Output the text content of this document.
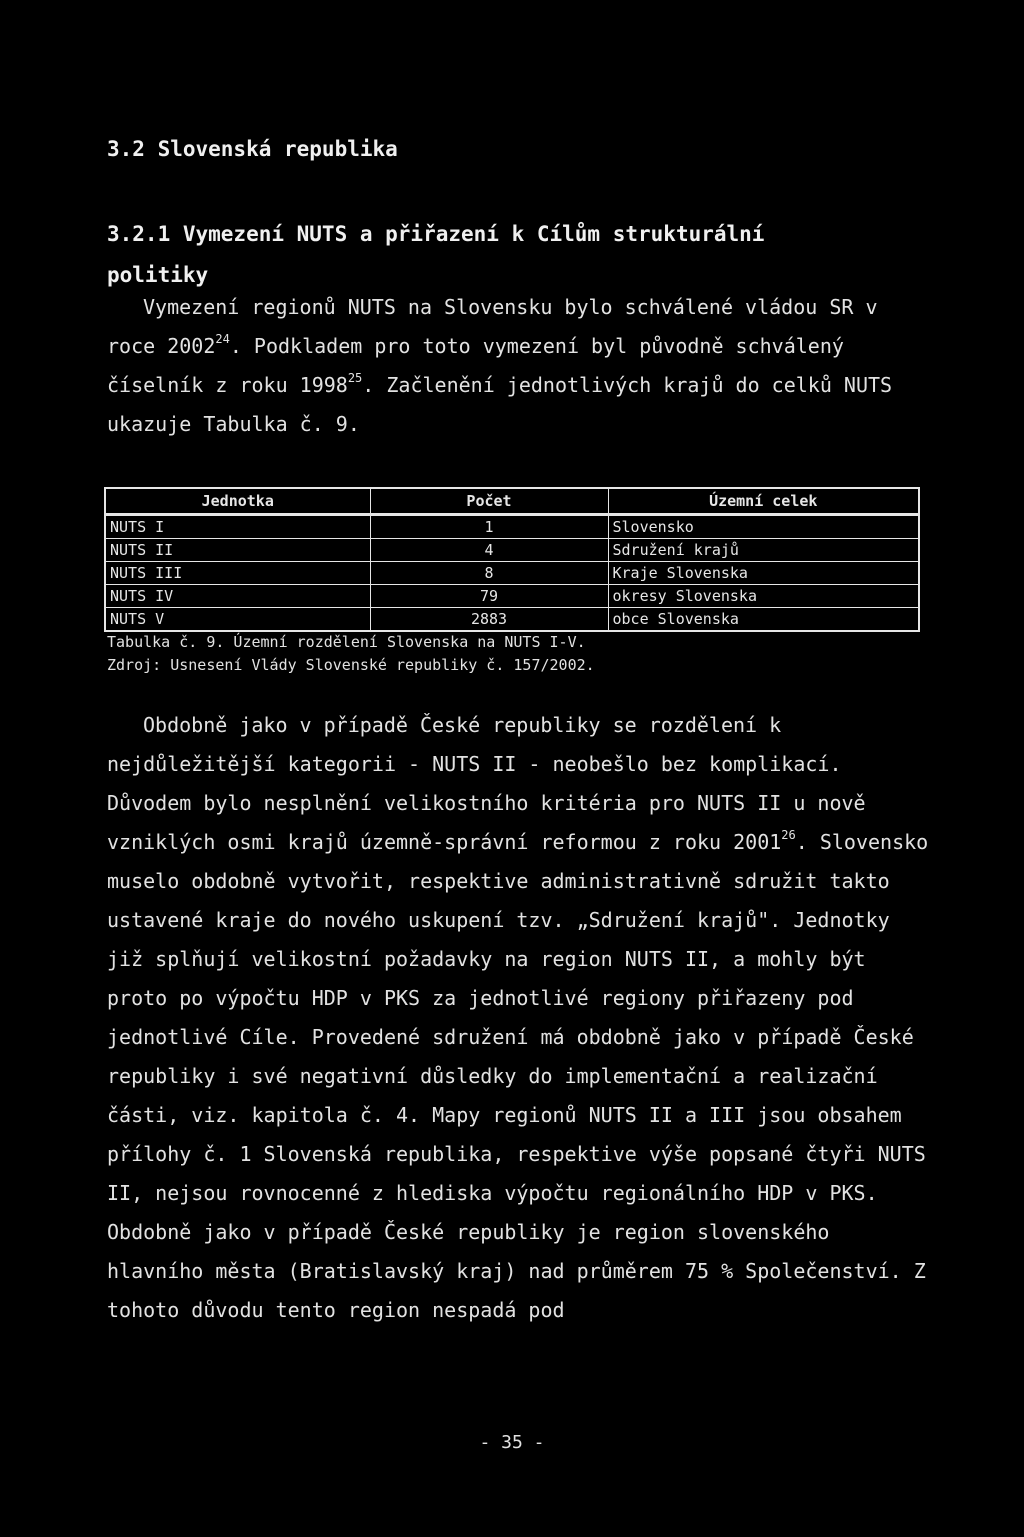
3.2 Slovenská republika
3.2.1 Vymezení NUTS a přiřazení k Cílům strukturální politiky

Vymezení regionů NUTS na Slovensku bylo schválené vládou SR v roce 2002$^{24}$. Podkladem pro toto vymezení byl původně schválený číselník z roku 1998$^{25}$. Začlenění jednotlivých krajů do celků NUTS ukazuje Tabulka č. 9.

Jednotka	Počet	Územní celek
NUTS I	1	Slovensko
NUTS II	4	Sdružení krajů
NUTS III	8	Kraje Slovenska
NUTS IV	79	okresy Slovenska
NUTS V	2883	obce Slovenska

Tabulka č. 9. Územní rozdělení Slovenska na NUTS I-V.

Zdroj: Usnesení Vlády Slovenské republiky č. 157/2002.

Obdobně jako v případě České republiky se rozdělení k nejdůležitější kategorii - NUTS II - neobešlo bez komplikací. Důvodem bylo nesplnění velikostního kritéria pro NUTS II u nově vzniklých osmi krajů územně-správní reformou z roku 2001$^{26}$. Slovensko muselo obdobně vytvořit, respektive administrativně sdružit takto ustavené kraje do nového uskupení tzv. „Sdružení krajů". Jednotky již splňují velikostní požadavky na region NUTS II, a mohly být proto po výpočtu HDP v PKS za jednotlivé regiony přiřazeny pod jednotlivé Cíle. Provedené sdružení má obdobně jako v případě České republiky i své negativní důsledky do implementační a realizační části, viz. kapitola č. 4. Mapy regionů NUTS II a III jsou obsahem přílohy č. 1 Slovenská republika, respektive výše popsané čtyři NUTS II, nejsou rovnocenné z hlediska výpočtu regionálního HDP v PKS. Obdobně jako v případě České republiky je region slovenského hlavního města (Bratislavský kraj) nad průměrem 75 % Společenství. Z tohoto důvodu tento region nespadá pod

- 35 -
